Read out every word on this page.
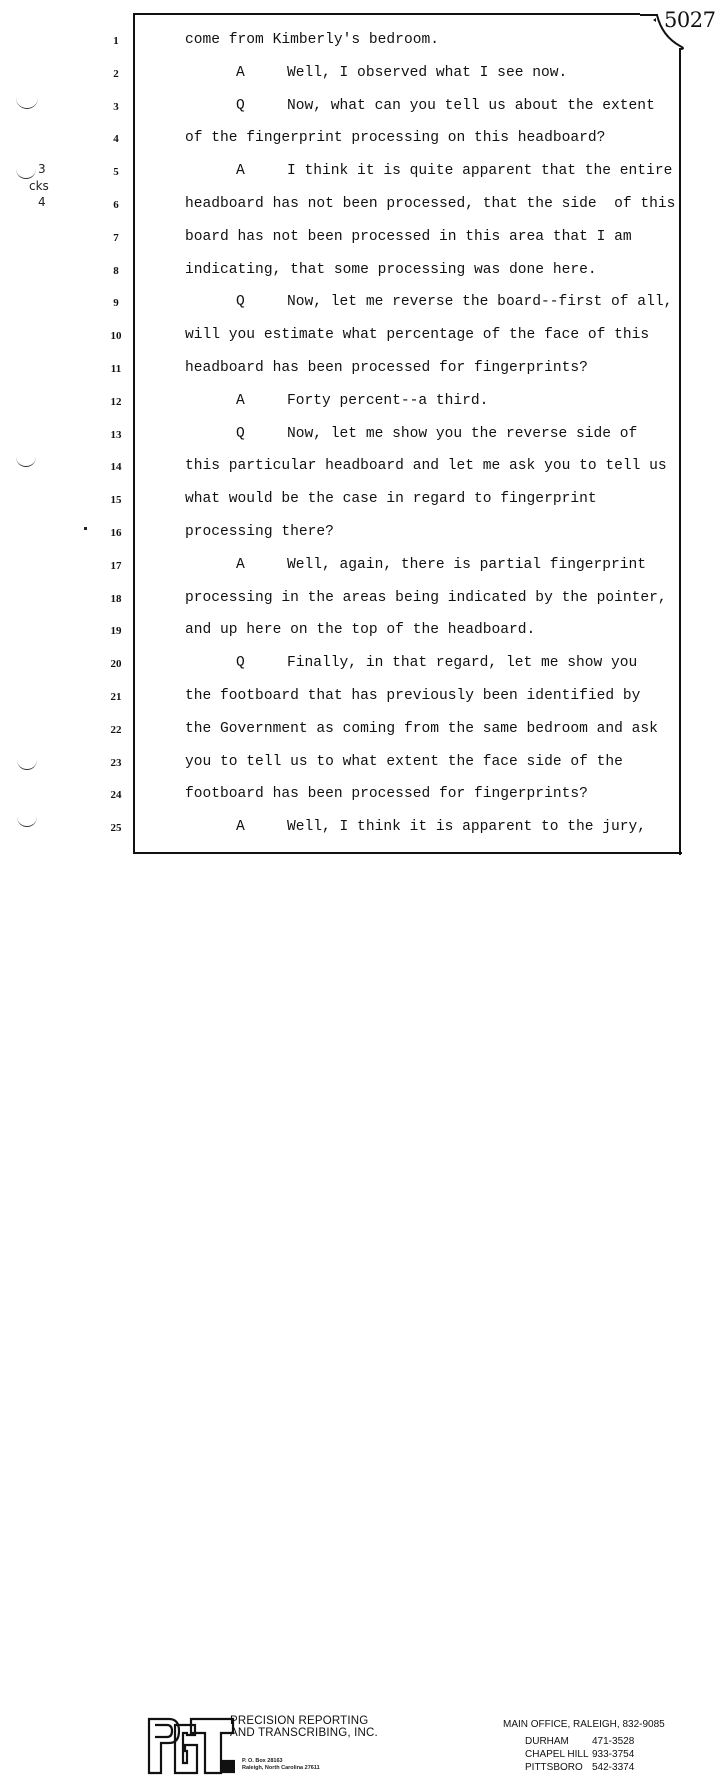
3
cks
4
5027
1	come from Kimberly's bedroom.
2	A	Well, I observed what I see now.
3	Q	Now, what can you tell us about the extent
4	of the fingerprint processing on this headboard?
5	A	I think it is quite apparent that the entire
6	headboard has not been processed, that the side  of this
7	board has not been processed in this area that I am
8	indicating, that some processing was done here.
9	Q	Now, let me reverse the board--first of all,
10	will you estimate what percentage of the face of this
11	headboard has been processed for fingerprints?
12	A	Forty percent--a third.
13	Q	Now, let me show you the reverse side of
14	this particular headboard and let me ask you to tell us
15	what would be the case in regard to fingerprint
16	processing there?
17	A	Well, again, there is partial fingerprint
18	processing in the areas being indicated by the pointer,
19	and up here on the top of the headboard.
20	Q	Finally, in that regard, let me show you
21	the footboard that has previously been identified by
22	the Government as coming from the same bedroom and ask
23	you to tell us to what extent the face side of the
24	footboard has been processed for fingerprints?
25	A	Well, I think it is apparent to the jury,
PRECISION REPORTING
AND TRANSCRIBING, INC.
P. O. Box 28163
Raleigh, North Carolina 27611
MAIN OFFICE, RALEIGH, 832-9085
DURHAM 471-3528
CHAPEL HILL 933-3754
PITTSBORO 542-3374
